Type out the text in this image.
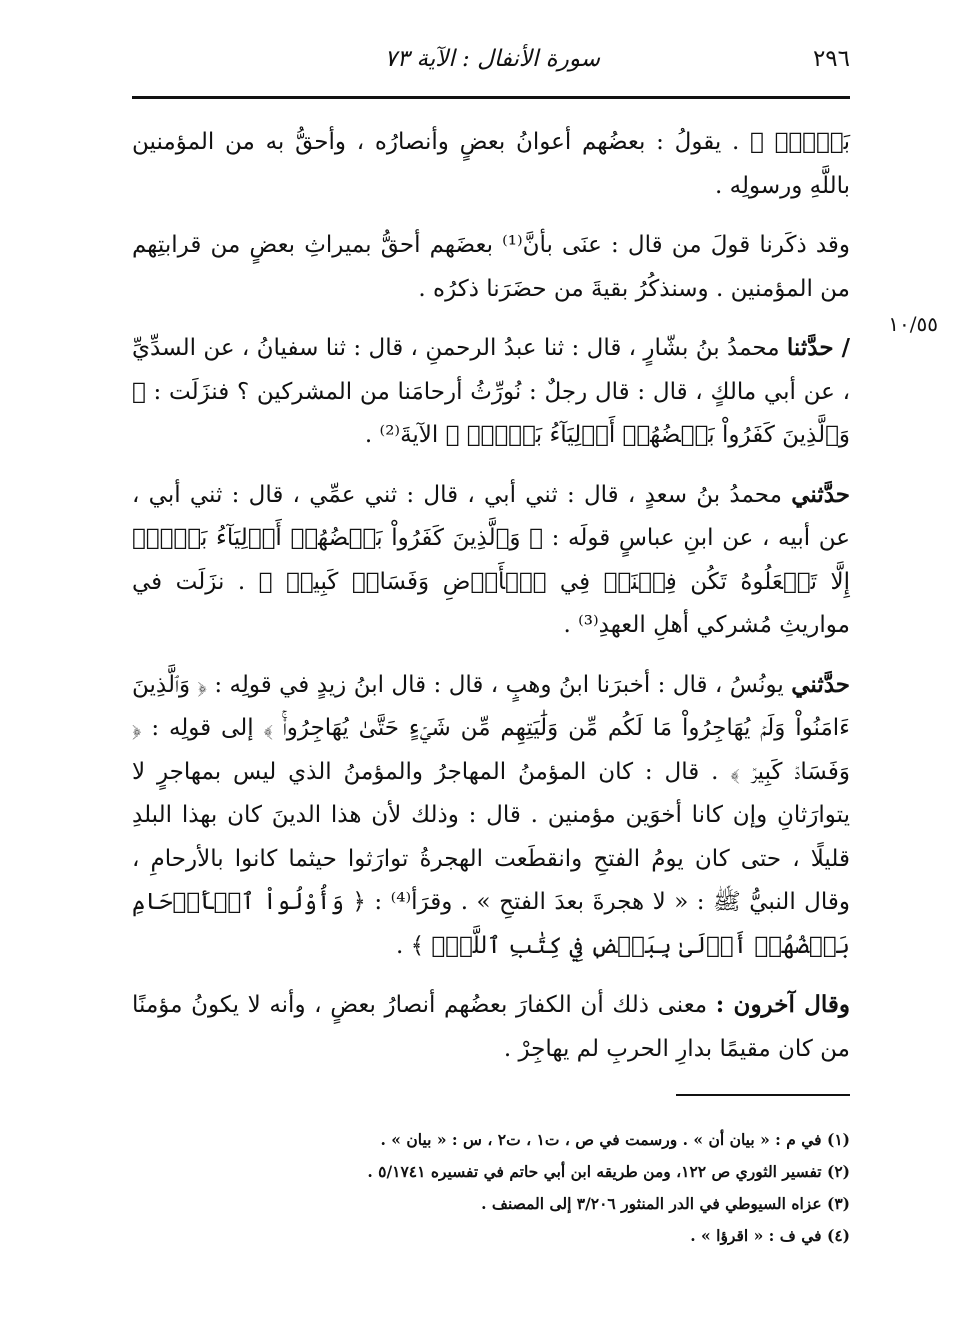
٢٩٦
سورة الأنفال : الآية ٧٣
١٠/٥٥

بَعۡضٍۚ ﴾ . يقولُ : بعضُهم أعوانُ بعضٍ وأنصارُه ، وأحقُّ به من المؤمنين باللَّهِ ورسولِه .

وقد ذكَرنا قولَ من قال : عنَى بأنَّ⁽¹⁾ بعضَهم أحقُّ بميراثِ بعضٍ من قرابتِهم من المؤمنين . وسنذكُرُ بقيةَ من حضَرَنا ذكرُه .

/ حدَّثنا محمدُ بنُ بشّارٍ ، قال : ثنا عبدُ الرحمنِ ، قال : ثنا سفيانُ ، عن السدِّيِّ ، عن أبي مالكٍ ، قال : قال رجلٌ : نُورِّثُ أرحامَنا من المشركين ؟ فنزَلَت : ﴿ وَٱلَّذِينَ كَفَرُواْ بَعۡضُهُمۡ أَوۡلِيَآءُ بَعۡضٍۚ ﴾ الآيةَ⁽²⁾ .

حدَّثني محمدُ بنُ سعدٍ ، قال : ثني أبي ، قال : ثني عمِّي ، قال : ثني أبي ، عن أبيه ، عن ابنِ عباسٍ قولَه : ﴿ وَٱلَّذِينَ كَفَرُواْ بَعۡضُهُمۡ أَوۡلِيَآءُ بَعۡضٍۚ إِلَّا تَفۡعَلُوهُ تَكُن فِتۡنَةٞ فِي ٱلۡأَرۡضِ وَفَسَادٞ كَبِيرٞ ﴾ . نزَلَت في مواريثِ مُشركي أهلِ العهدِ⁽³⁾ .

حدَّثني يونُسُ ، قال : أخبرَنا ابنُ وهبٍ ، قال : قال ابنُ زيدٍ في قولِه : ﴿ وَٱلَّذِينَ ءَامَنُواْ وَلَمۡ يُهَاجِرُواْ مَا لَكُم مِّن وَلَٰيَتِهِم مِّن شَيۡءٍ حَتَّىٰ يُهَاجِرُواْۚ ﴾ إلى قولِه : ﴿ وَفَسَادٞ كَبِيرٞ ﴾ . قال : كان المؤمنُ المهاجرُ والمؤمنُ الذي ليس بمهاجرٍ لا يتوارَثانِ وإن كانا أخوَين مؤمنين . قال : وذلك لأن هذا الدينَ كان بهذا البلدِ قليلًا ، حتى كان يومُ الفتحِ وانقطَعت الهجرةُ توارَثوا حيثما كانوا بالأرحامِ ، وقال النبيُّ ﷺ : « لا هجرةَ بعدَ الفتحِ » . وقرَأ⁽⁴⁾ : ﴿ وَأُوْلُواْ ٱلۡأَرۡحَامِ بَعۡضُهُمۡ أَوۡلَىٰ بِبَعۡضٖ فِي كِتَٰبِ ٱللَّهِۚ ﴾ .

وقال آخرون : معنى ذلك أن الكفارَ بعضُهم أنصارُ بعضٍ ، وأنه لا يكونُ مؤمنًا من كان مقيمًا بدارِ الحربِ لم يهاجِرْ .

(١) في م : « بيان أن » . ورسمت في ص ، ت١ ، ت٢ ، س : « بيان » .
(٢) تفسير الثوري ص ١٢٢، ومن طريقه ابن أبي حاتم في تفسيره ٥/١٧٤١ .
(٣) عزاه السيوطي في الدر المنثور ٣/٢٠٦ إلى المصنف .
(٤) في ف : « اقرؤا » .
